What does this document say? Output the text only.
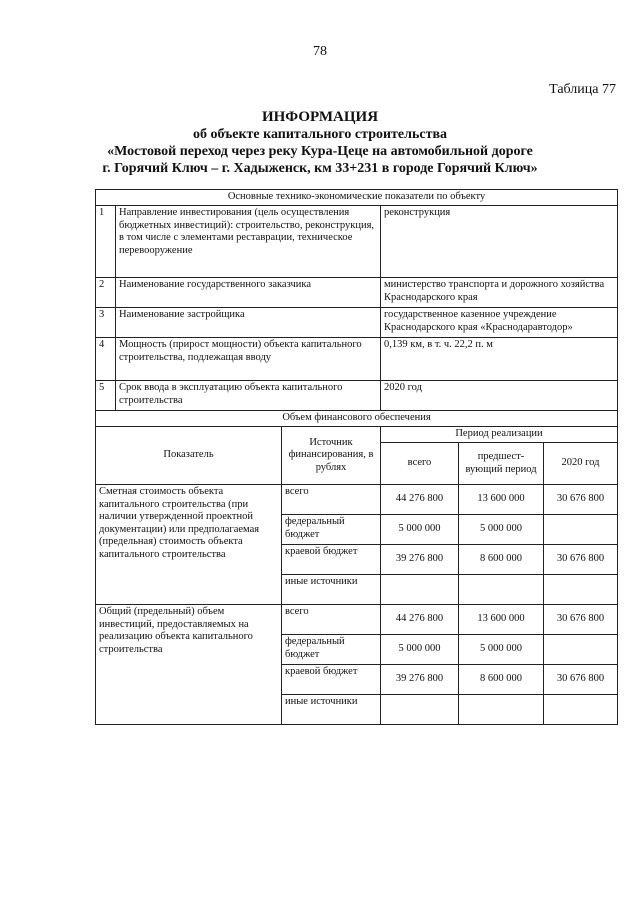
78
Таблица 77
ИНФОРМАЦИЯ
об объекте капитального строительства
«Мостовой переход через реку Кура-Цеце на автомобильной дороге
г. Горячий Ключ – г. Хадыженск, км 33+231 в городе Горячий Ключ»
Основные технико-экономические показатели по объекту					
1	Направление инвестирования (цель осуществления бюджетных инвестиций): строительство, реконструкция, в том числе с элементами реставрации, техническое перевооружение		реконструкция		
2	Наименование государственного заказчика		министерство транспорта и дорожного хозяйства Краснодарского края		
3	Наименование застройщика		государственное казенное учреждение Краснодарского края «Краснодаравтодор»		
4	Мощность (прирост мощности) объекта капитального строительства, подлежащая вводу		0,139 км, в т. ч. 22,2 п. м		
5	Срок ввода в эксплуатацию объекта капитального строительства		2020 год		
Объем финансового обеспечения					
Показатель		Источник финансирования, в рублях	Период реализации		
			всего	предшест-вующий период	2020 год
Сметная стоимость объекта капитального строительства (при наличии утвержденной проектной документации) или предполагаемая (предельная) стоимость объекта капитального строительства		всего	44 276 800	13 600 000	30 676 800
		федеральный бюджет	5 000 000	5 000 000	
		краевой бюджет	39 276 800	8 600 000	30 676 800
		иные источники			
Общий (предельный) объем инвестиций, предоставляемых на реализацию объекта капитального строительства		всего	44 276 800	13 600 000	30 676 800
		федеральный бюджет	5 000 000	5 000 000	
		краевой бюджет	39 276 800	8 600 000	30 676 800
		иные источники			
